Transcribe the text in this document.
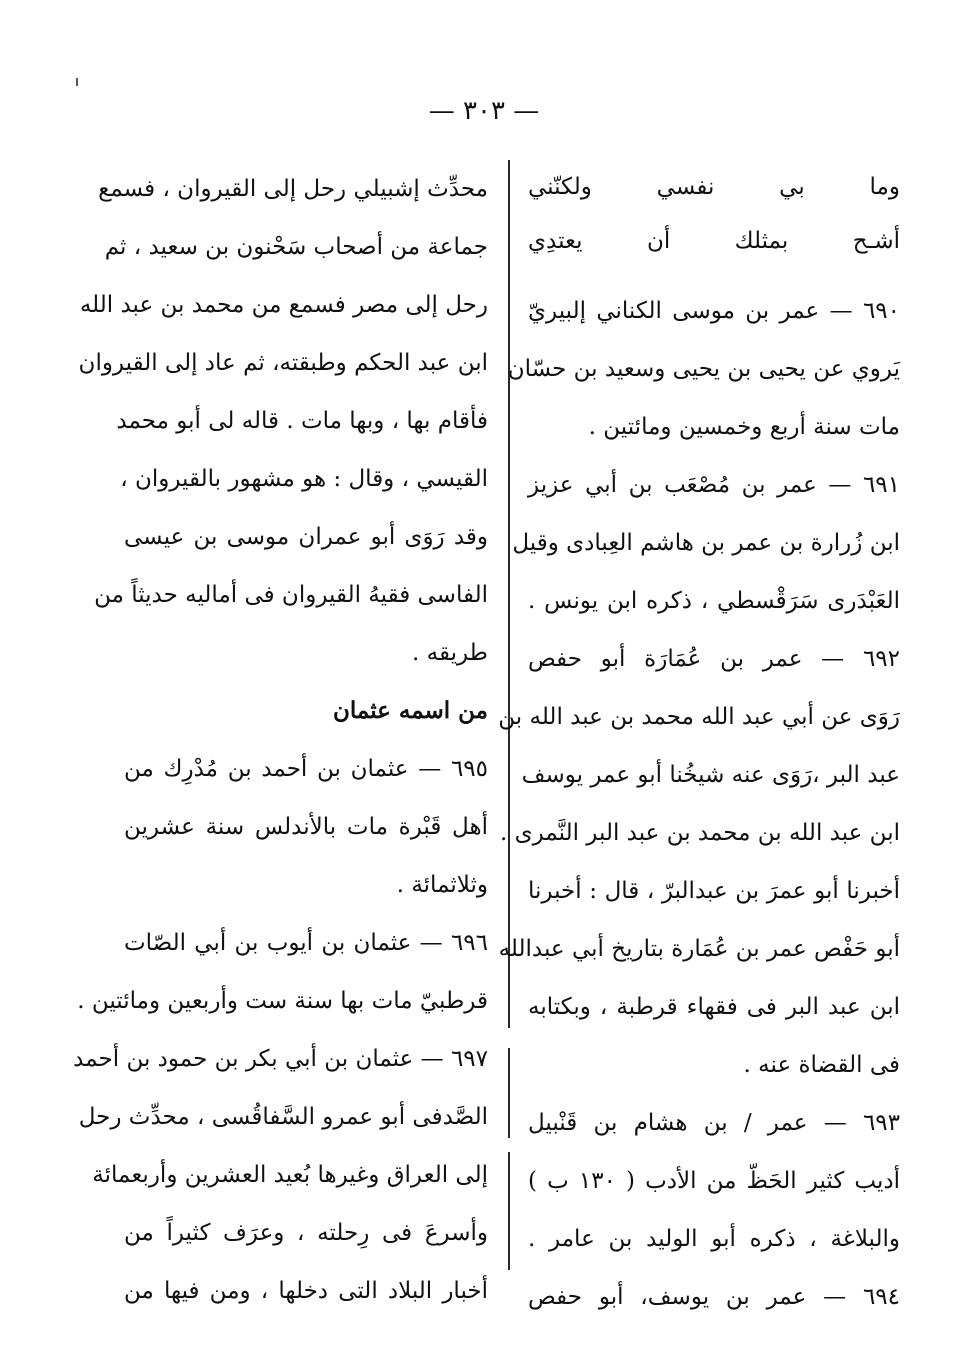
— ٣٠٣ —
وما بي نفسي ولكنّني
أشـح بمثلك أن يعتدِي
٦٩٠ — عمر بن موسى الكناني إلبيريّ
يَروي عن يحيى بن يحيى وسعيد بن حسّان
مات سنة أربع وخمسين ومائتين .
٦٩١ — عمر بن مُصْعَب بن أبي عزيز
ابن زُرارة بن عمر بن هاشم العِبادى وقيل
العَبْدَرى سَرَقْسطي ، ذكره ابن يونس .
٦٩٢ — عمر بن عُمَارَة أبو حفص
رَوَى عن أبي عبد الله محمد بن عبد الله بن
عبد البر ،رَوَى عنه شيخُنا أبو عمر يوسف
ابن عبد الله بن محمد بن عبد البر النَّمرى .
أخبرنا أبو عمرَ بن عبدالبرّ ، قال : أخبرنا
أبو حَفْص عمر بن عُمَارة بتاريخ أبي عبدالله
ابن عبد البر فى فقهاء قرطبة ، وبكتابه
فى القضاة عنه .
٦٩٣ — عمر / بن هشام بن قَنْبيل
أديب كثير الحَظّ من الأدب ( ١٣٠ ب )
والبلاغة ، ذكره أبو الوليد بن عامر .
٦٩٤ — عمر بن يوسف، أبو حفص
محدِّث إشبيلي رحل إلى القيروان ، فسمع
جماعة من أصحاب سَحْنون بن سعيد ، ثم
رحل إلى مصر فسمع من محمد بن عبد الله
ابن عبد الحكم وطبقته، ثم عاد إلى القيروان
فأقام بها ، وبها مات . قاله لى أبو محمد
القيسي ، وقال : هو مشهور بالقيروان ،
وقد رَوَى أبو عمران موسى بن عيسى
الفاسى فقيهُ القيروان فى أماليه حديثاً من
طريقه .
من اسمه عثمان
٦٩٥ — عثمان بن أحمد بن مُدْرِك من
أهل قَبْرة مات بالأندلس سنة عشرين
وثلاثمائة .
٦٩٦ — عثمان بن أيوب بن أبي الصّات
قرطبيّ مات بها سنة ست وأربعين ومائتين .
٦٩٧ — عثمان بن أبي بكر بن حمود بن أحمد
الصَّدفى أبو عمرو السَّفاقُسى ، محدِّث رحل
إلى العراق وغيرها بُعيد العشرين وأربعمائة
وأسرعَ فى رِحلته ، وعرَف كثيراً من
أخبار البلاد التى دخلها ، ومن فيها من
